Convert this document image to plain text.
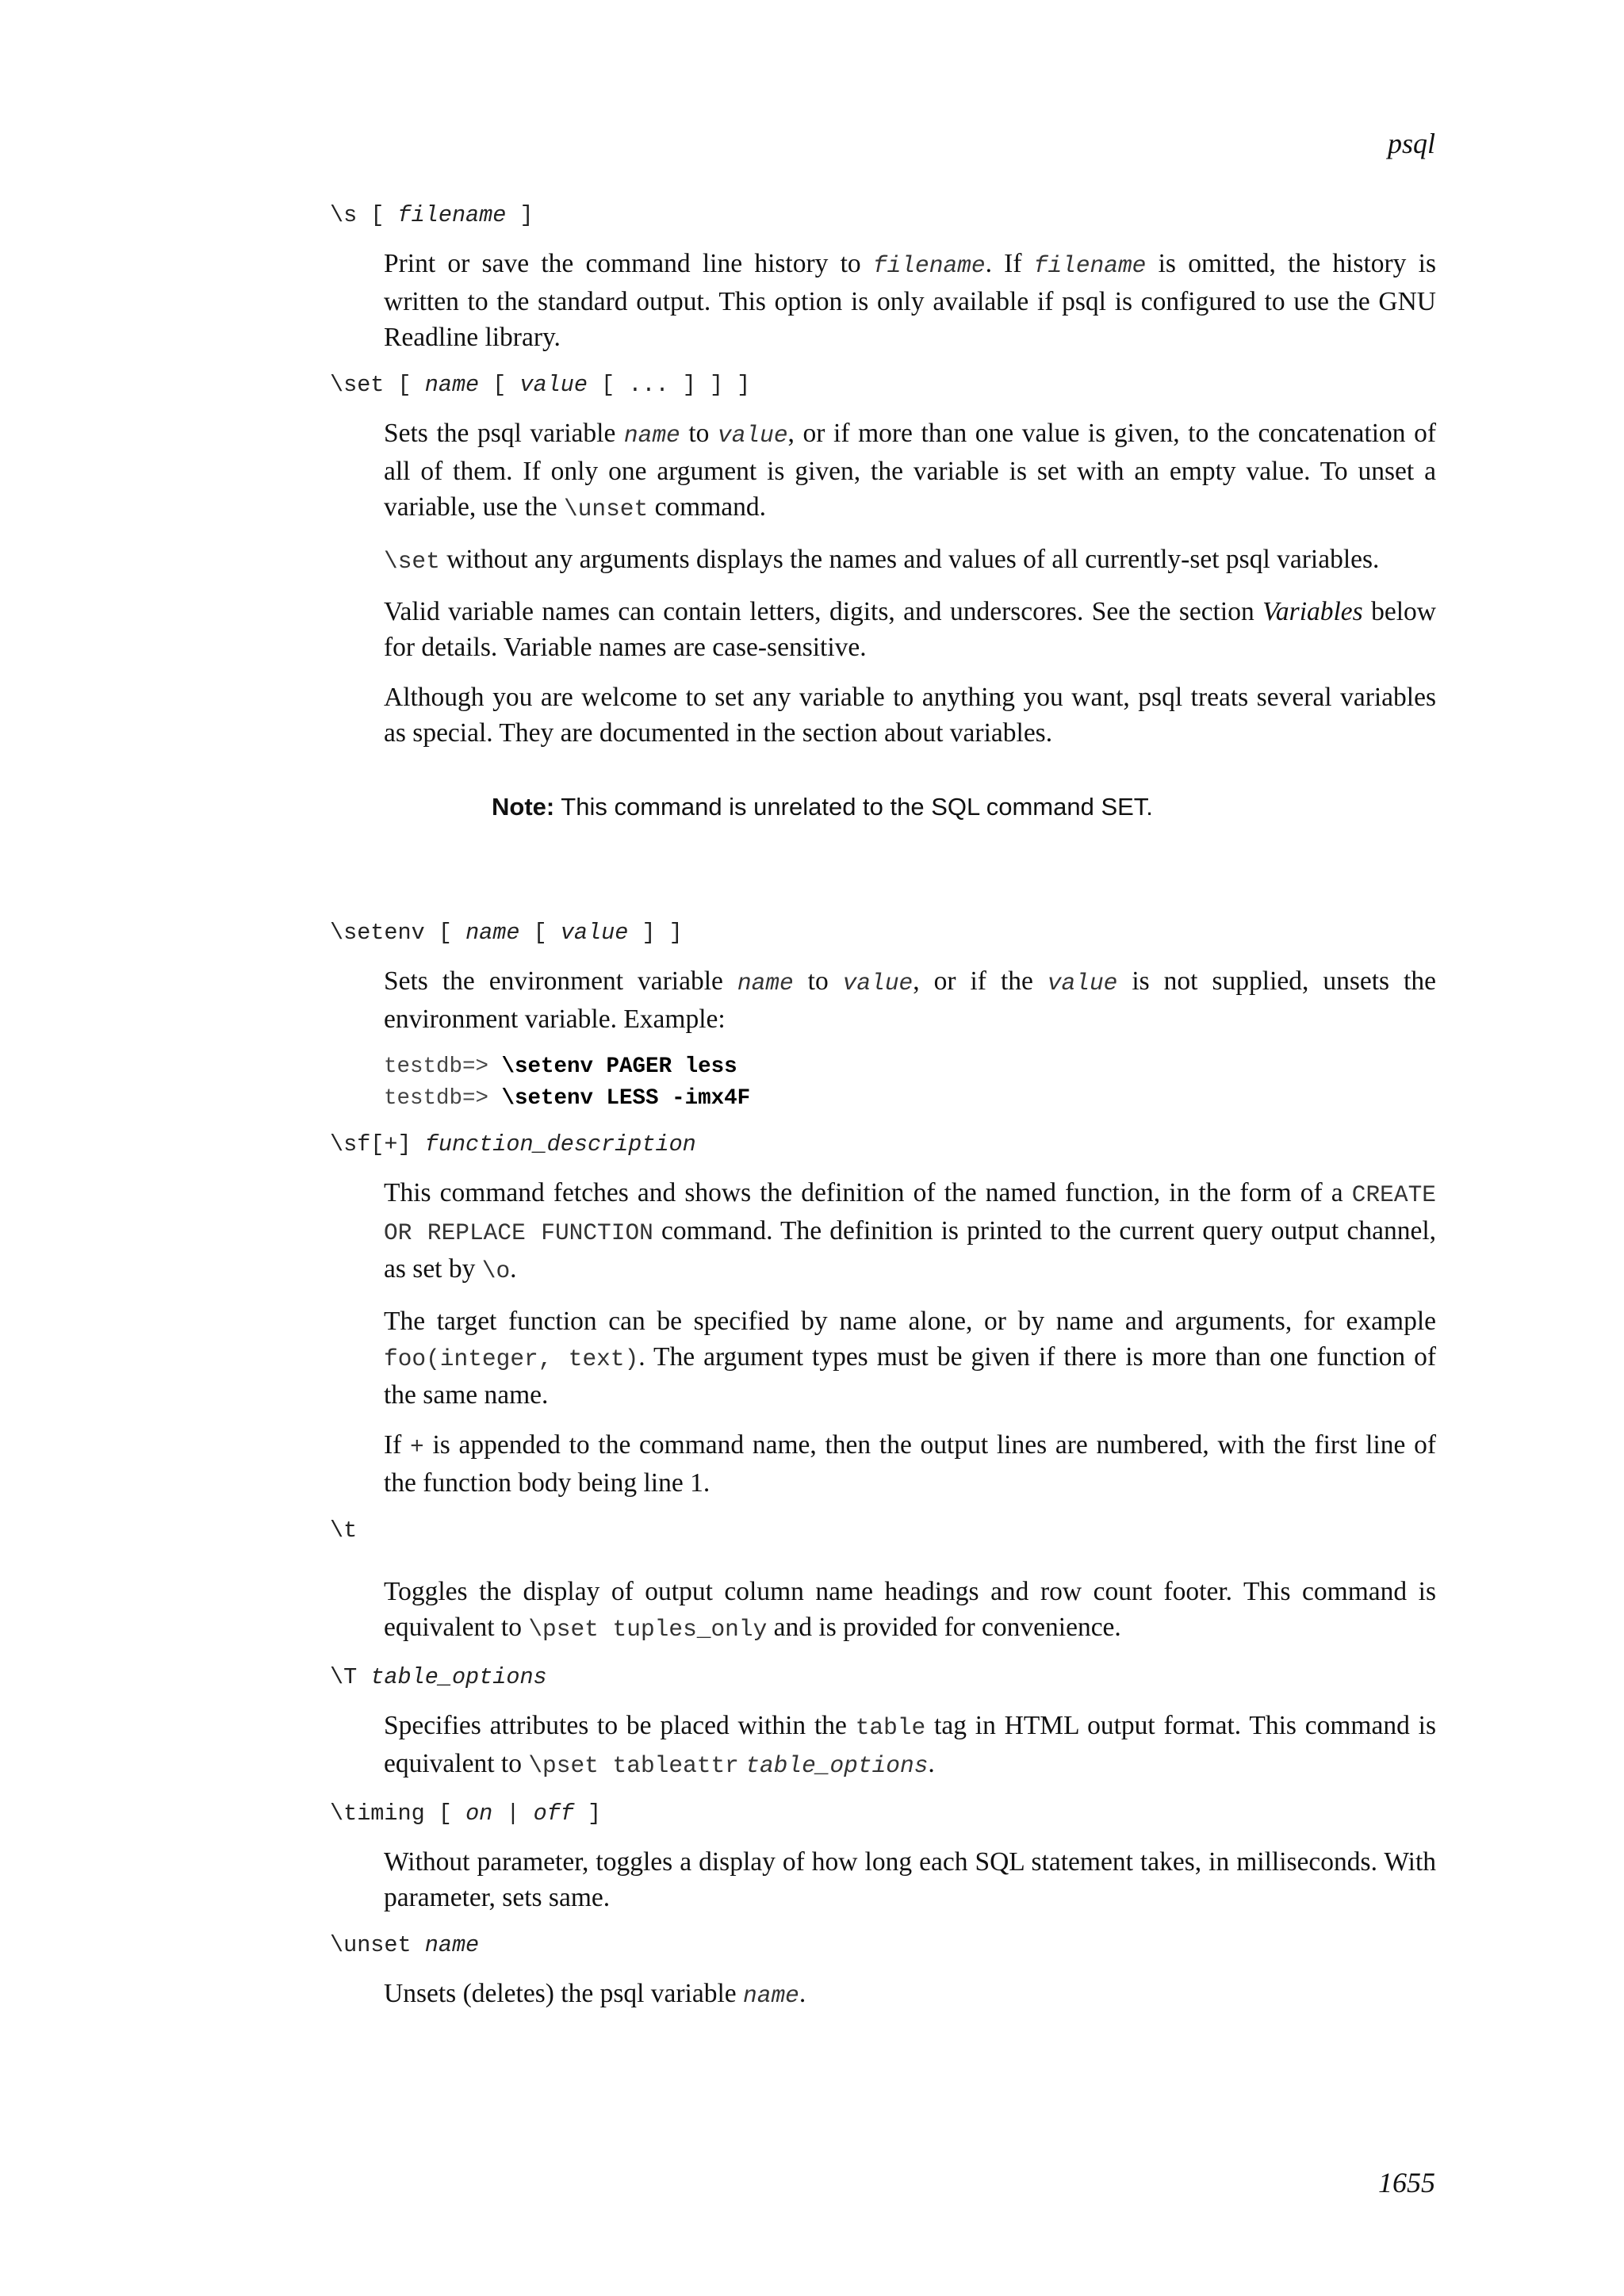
psql
\s [ filename ]

Print or save the command line history to filename. If filename is omitted, the history is written to the standard output. This option is only available if psql is configured to use the GNU Readline library.

\set [ name [ value [ ... ] ] ]

Sets the psql variable name to value, or if more than one value is given, to the concatenation of all of them. If only one argument is given, the variable is set with an empty value. To unset a variable, use the \unset command.

\set without any arguments displays the names and values of all currently-set psql variables.

Valid variable names can contain letters, digits, and underscores. See the section Variables below for details. Variable names are case-sensitive.

Although you are welcome to set any variable to anything you want, psql treats several variables as special. They are documented in the section about variables.

Note: This command is unrelated to the SQL command SET.
\setenv [ name [ value ] ]

Sets the environment variable name to value, or if the value is not supplied, unsets the environment variable. Example:

testdb=> \setenv PAGER less
testdb=> \setenv LESS -imx4F
\sf[+] function_description

This command fetches and shows the definition of the named function, in the form of a CREATE OR REPLACE FUNCTION command. The definition is printed to the current query output channel, as set by \o.

The target function can be specified by name alone, or by name and arguments, for example foo(integer, text). The argument types must be given if there is more than one function of the same name.

If + is appended to the command name, then the output lines are numbered, with the first line of the function body being line 1.

\t

Toggles the display of output column name headings and row count footer. This command is equivalent to \pset tuples_only and is provided for convenience.

\T table_options

Specifies attributes to be placed within the table tag in HTML output format. This command is equivalent to \pset tableattr table_options.

\timing [ on | off ]

Without parameter, toggles a display of how long each SQL statement takes, in milliseconds. With parameter, sets same.

\unset name

Unsets (deletes) the psql variable name.

1655
